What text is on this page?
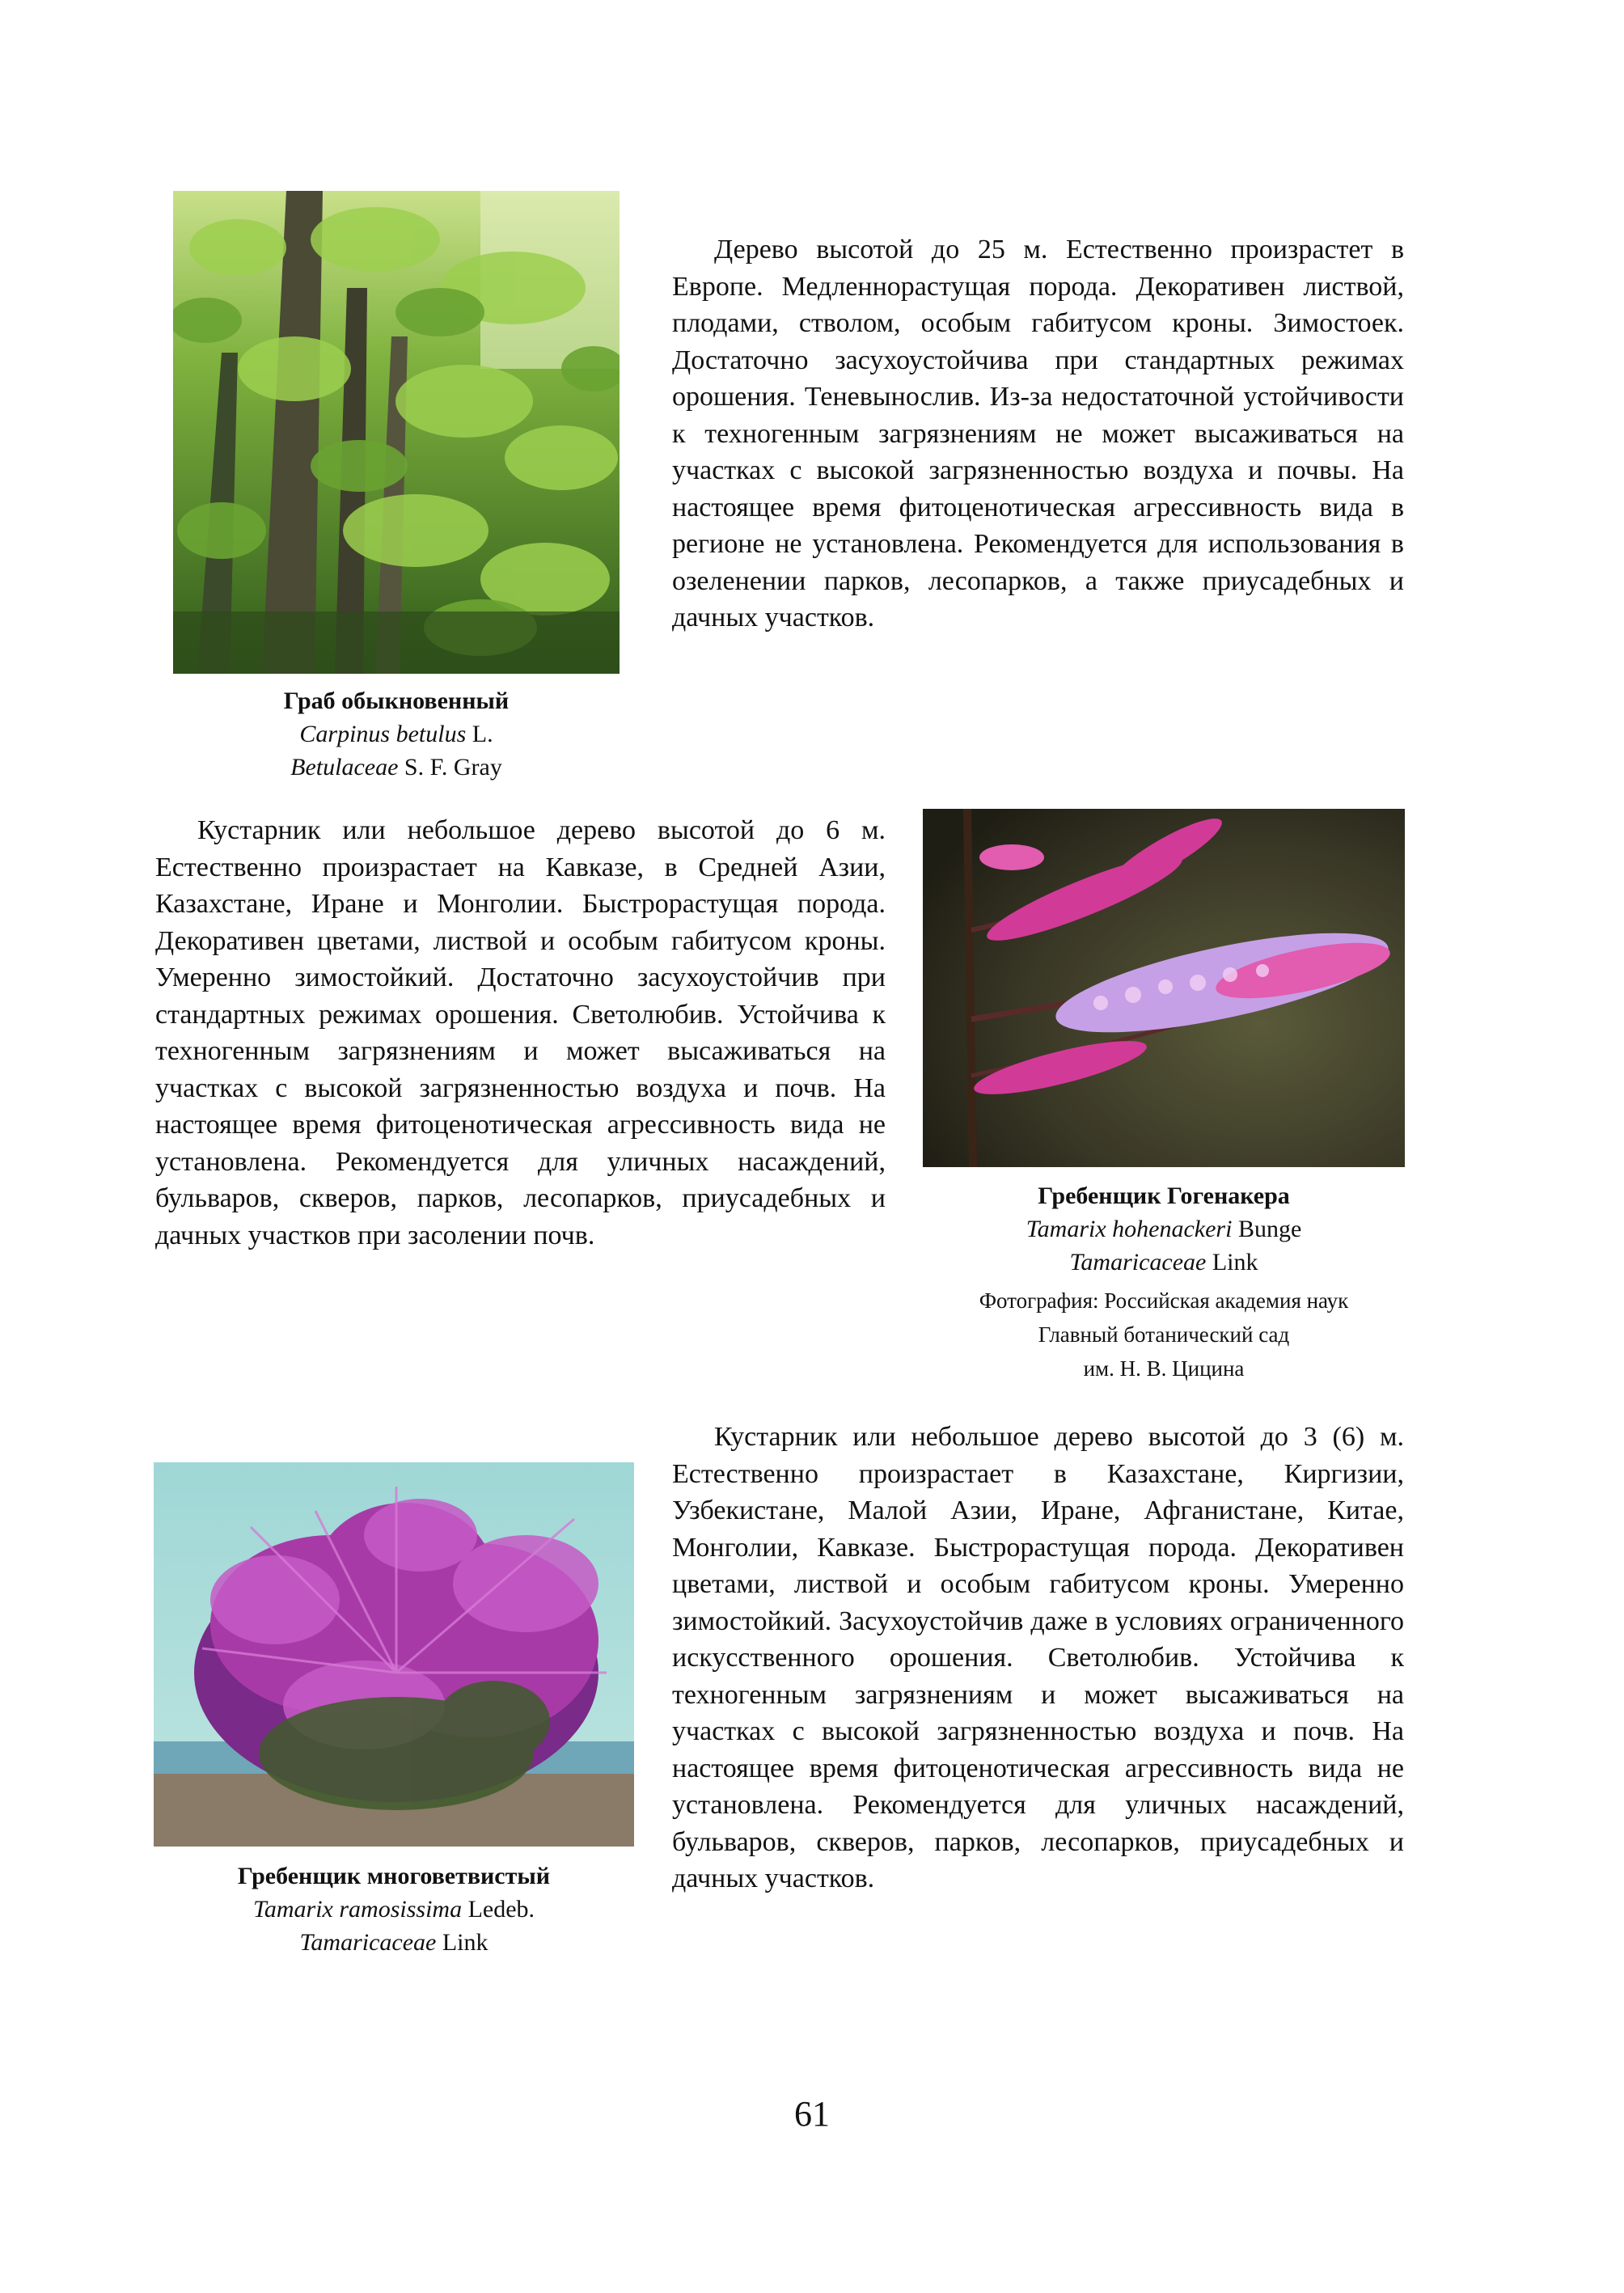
Дерево высотой до 25 м. Естественно произрастет в Европе. Медленнорастущая порода. Декоративен листвой, плодами, стволом, особым габитусом кроны. Зимостоек. Достаточно засухоустойчива при стандартных режимах орошения. Теневынослив. Из-за недостаточной устойчивости к техногенным загрязнениям не может высаживаться на участках с высокой загрязненностью воздуха и почвы. На настоящее время фитоценотическая агрессивность вида в регионе не установлена. Рекомендуется для использования в озеленении парков, лесопарков, а также приусадебных и дачных участков.

Граб обыкновенный
Carpinus betulus L.
Betulaceae S. F. Gray

Кустарник или небольшое дерево высотой до 6 м. Естественно произрастает на Кавказе, в Средней Азии, Казахстане, Иране и Монголии. Быстрорастущая порода. Декоративен цветами, листвой и особым габитусом кроны. Умеренно зимостойкий. Достаточно засухоустойчив при стандартных режимах орошения. Светолюбив. Устойчива к техногенным загрязнениям и может высаживаться на участках с высокой загрязненностью воздуха и почв. На настоящее время фитоценотическая агрессивность вида не установлена. Рекомендуется для уличных насаждений, бульваров, скверов, парков, лесопарков, приусадебных и дачных участков при засолении почв.

Гребенщик Гогенакера
Tamarix hohenackeri Bunge
Tamaricaceae Link
Фотография: Российская академия наук
Главный ботанический сад
им. Н. В. Цицина
Гребенщик многоветвистый
Tamarix ramosissima Ledeb.
Tamaricaceae Link

Кустарник или небольшое дерево высотой до 3 (6) м. Естественно произрастает в Казахстане, Киргизии, Узбекистане, Малой Азии, Иране, Афганистане, Китае, Монголии, Кавказе. Быстрорастущая порода. Декоративен цветами, листвой и особым габитусом кроны. Умеренно зимостойкий. Засухоустойчив даже в условиях ограниченного искусственного орошения. Светолюбив. Устойчива к техногенным загрязнениям и может высаживаться на участках с высокой загрязненностью воздуха и почв. На настоящее время фитоценотическая агрессивность вида не установлена. Рекомендуется для уличных насаждений, бульваров, скверов, парков, лесопарков, приусадебных и дачных участков.

61
